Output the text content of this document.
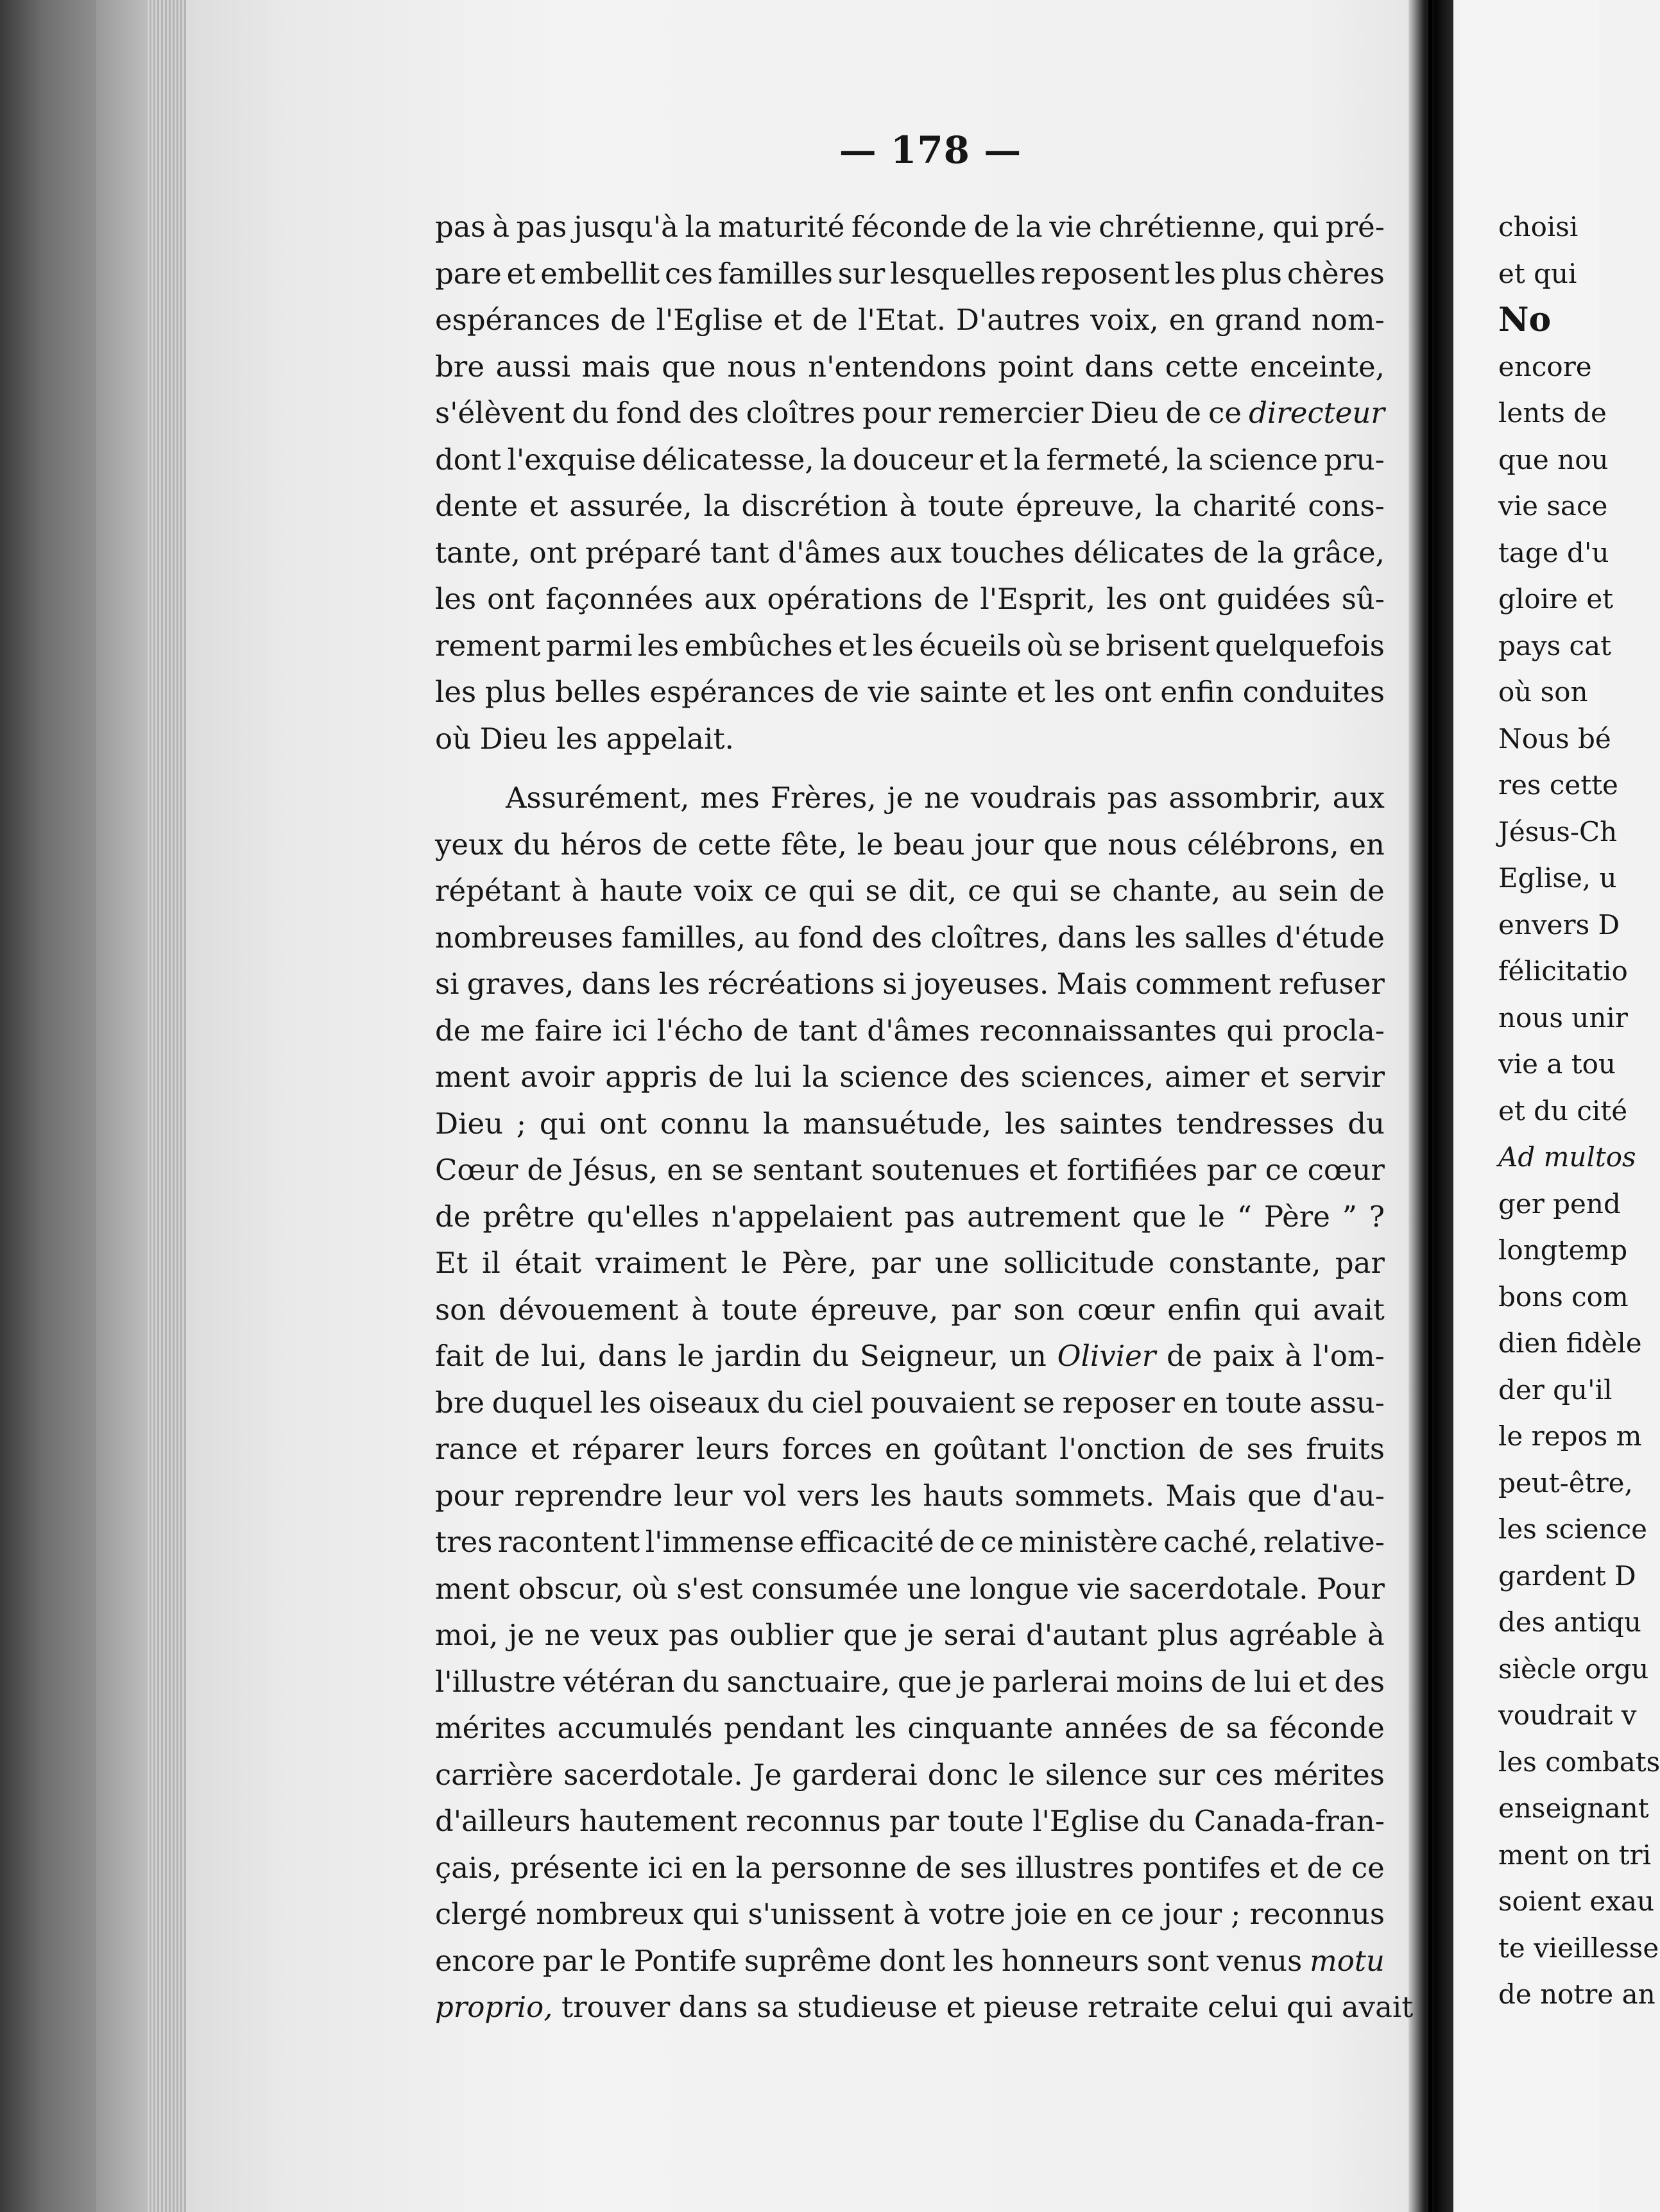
— 178 —
pas à pas jusqu'à la maturité féconde de la vie chrétienne, qui pré-
pare et embellit ces familles sur lesquelles reposent les plus chères
espérances de l'Eglise et de l'Etat. D'autres voix, en grand nom-
bre aussi mais que nous n'entendons point dans cette enceinte,
s'élèvent du fond des cloîtres pour remercier Dieu de ce directeur
dont l'exquise délicatesse, la douceur et la fermeté, la science pru-
dente et assurée, la discrétion à toute épreuve, la charité cons-
tante, ont préparé tant d'âmes aux touches délicates de la grâce,
les ont façonnées aux opérations de l'Esprit, les ont guidées sû-
rement parmi les embûches et les écueils où se brisent quelquefois
les plus belles espérances de vie sainte et les ont enfin conduites
où Dieu les appelait.
Assurément, mes Frères, je ne voudrais pas assombrir, aux
yeux du héros de cette fête, le beau jour que nous célébrons, en
répétant à haute voix ce qui se dit, ce qui se chante, au sein de
nombreuses familles, au fond des cloîtres, dans les salles d'étude
si graves, dans les récréations si joyeuses. Mais comment refuser
de me faire ici l'écho de tant d'âmes reconnaissantes qui procla-
ment avoir appris de lui la science des sciences, aimer et servir
Dieu ; qui ont connu la mansuétude, les saintes tendresses du
Cœur de Jésus, en se sentant soutenues et fortifiées par ce cœur
de prêtre qu'elles n'appelaient pas autrement que le “ Père ” ?
Et il était vraiment le Père, par une sollicitude constante, par
son dévouement à toute épreuve, par son cœur enfin qui avait
fait de lui, dans le jardin du Seigneur, un Olivier de paix à l'om-
bre duquel les oiseaux du ciel pouvaient se reposer en toute assu-
rance et réparer leurs forces en goûtant l'onction de ses fruits
pour reprendre leur vol vers les hauts sommets. Mais que d'au-
tres racontent l'immense efficacité de ce ministère caché, relative-
ment obscur, où s'est consumée une longue vie sacerdotale. Pour
moi, je ne veux pas oublier que je serai d'autant plus agréable à
l'illustre vétéran du sanctuaire, que je parlerai moins de lui et des
mérites accumulés pendant les cinquante années de sa féconde
carrière sacerdotale. Je garderai donc le silence sur ces mérites
d'ailleurs hautement reconnus par toute l'Eglise du Canada-fran-
çais, présente ici en la personne de ses illustres pontifes et de ce
clergé nombreux qui s'unissent à votre joie en ce jour ; reconnus
encore par le Pontife suprême dont les honneurs sont venus motu
proprio, trouver dans sa studieuse et pieuse retraite celui qui avait
choisi
et qui
No
encore
lents de
que nou
vie sace
tage d'u
gloire et
pays cat
où son
Nous bé
res cette
Jésus-Ch
Eglise, u
envers D
félicitatio
nous unir
vie a tou
et du cité
Ad multos
ger pend
longtemp
bons com
dien fidèle
der qu'il
le repos m
peut-être,
les science
gardent D
des antiqu
siècle orgu
voudrait v
les combats
enseignant
ment on tri
soient exau
te vieillesse
de notre an
